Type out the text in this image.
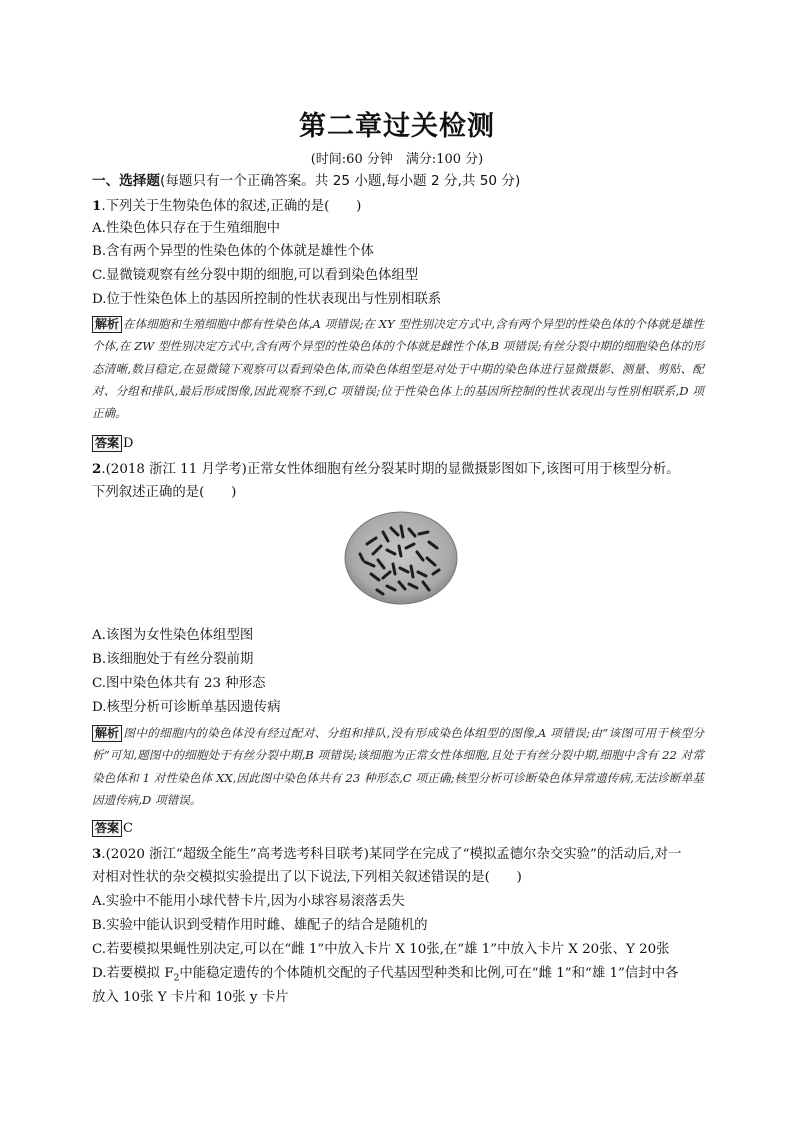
第二章过关检测
(时间:60 分钟　满分:100 分)
一、选择题(每题只有一个正确答案。共 25 小题,每小题 2 分,共 50 分)
1.下列关于生物染色体的叙述,正确的是(　　)
A.性染色体只存在于生殖细胞中
B.含有两个异型的性染色体的个体就是雄性个体
C.显微镜观察有丝分裂中期的细胞,可以看到染色体组型
D.位于性染色体上的基因所控制的性状表现出与性别相联系
解析 在体细胞和生殖细胞中都有性染色体,A 项错误;在 XY 型性别决定方式中,含有两个异型的性染色体的个体就是雄性个体,在 ZW 型性别决定方式中,含有两个异型的性染色体的个体就是雌性个体,B 项错误;有丝分裂中期的细胞染色体的形态清晰,数目稳定,在显微镜下观察可以看到染色体,而染色体组型是对处于中期的染色体进行显微摄影、测量、剪贴、配对、分组和排队,最后形成图像,因此观察不到,C 项错误;位于性染色体上的基因所控制的性状表现出与性别相联系,D 项正确。
答案 D
2.(2018 浙江 11 月学考)正常女性体细胞有丝分裂某时期的显微摄影图如下,该图可用于核型分析。
下列叙述正确的是(　　)
A.该图为女性染色体组型图
B.该细胞处于有丝分裂前期
C.图中染色体共有 23 种形态
D.核型分析可诊断单基因遗传病
解析 图中的细胞内的染色体没有经过配对、分组和排队,没有形成染色体组型的图像,A 项错误;由“该图可用于核型分析”可知,题图中的细胞处于有丝分裂中期,B 项错误;该细胞为正常女性体细胞,且处于有丝分裂中期,细胞中含有 22 对常染色体和 1 对性染色体 XX,因此图中染色体共有 23 种形态,C 项正确;核型分析可诊断染色体异常遗传病,无法诊断单基因遗传病,D 项错误。
答案 C
3.(2020 浙江“超级全能生”高考选考科目联考)某同学在完成了“模拟孟德尔杂交实验”的活动后,对一
对相对性状的杂交模拟实验提出了以下说法,下列相关叙述错误的是(　　)
A.实验中不能用小球代替卡片,因为小球容易滚落丢失
B.实验中能认识到受精作用时雌、雄配子的结合是随机的
C.若要模拟果蝇性别决定,可以在“雌 1”中放入卡片 X 10张,在“雄 1”中放入卡片 X 20张、Y 20张
D.若要模拟 $F_2$中能稳定遗传的个体随机交配的子代基因型种类和比例,可在“雌 1”和“雄 1”信封中各
放入 10张 Y 卡片和 10张 y 卡片
